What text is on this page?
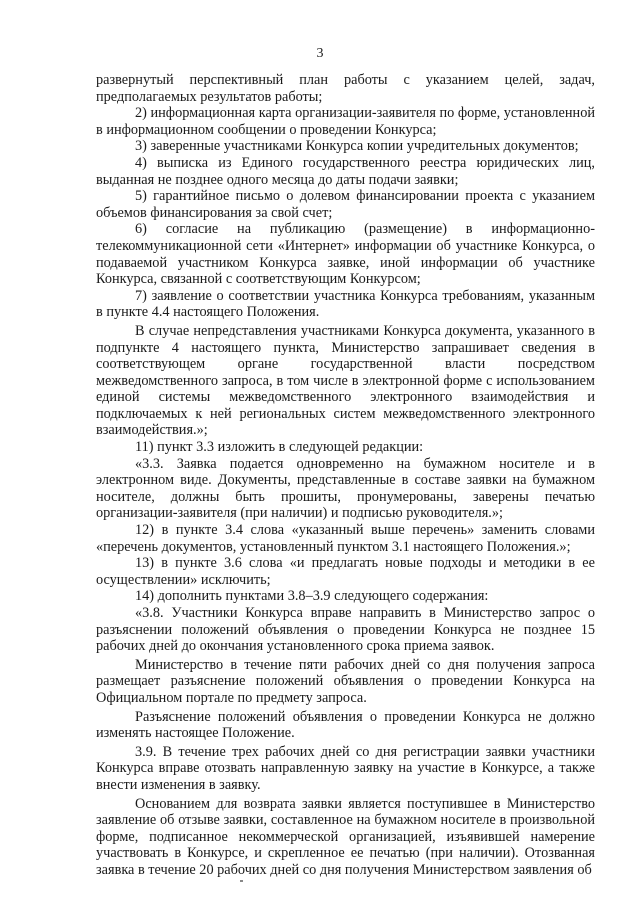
3

развернутый перспективный план работы с указанием целей, задач, предполагаемых результатов работы;

2) информационная карта организации-заявителя по форме, установленной в информационном сообщении о проведении Конкурса;

3) заверенные участниками Конкурса копии учредительных документов;

4) выписка из Единого государственного реестра юридических лиц, выданная не позднее одного месяца до даты подачи заявки;

5) гарантийное письмо о долевом финансировании проекта с указанием объемов финансирования за свой счет;

6) согласие на публикацию (размещение) в информационно-телекоммуникационной сети «Интернет» информации об участнике Конкурса, о подаваемой участником Конкурса заявке, иной информации об участнике Конкурса, связанной с соответствующим Конкурсом;

7) заявление о соответствии участника Конкурса требованиям, указанным в пункте 4.4 настоящего Положения.

В случае непредставления участниками Конкурса документа, указанного в подпункте 4 настоящего пункта, Министерство запрашивает сведения в соответствующем органе государственной власти посредством межведомственного запроса, в том числе в электронной форме с использованием единой системы межведомственного электронного взаимодействия и подключаемых к ней региональных систем межведомственного электронного взаимодействия.»;

11) пункт 3.3 изложить в следующей редакции:

«3.3. Заявка подается одновременно на бумажном носителе и в электронном виде. Документы, представленные в составе заявки на бумажном носителе, должны быть прошиты, пронумерованы, заверены печатью организации-заявителя (при наличии) и подписью руководителя.»;

12) в пункте 3.4 слова «указанный выше перечень» заменить словами «перечень документов, установленный пунктом 3.1 настоящего Положения.»;

13) в пункте 3.6 слова «и предлагать новые подходы и методики в ее осуществлении» исключить;

14) дополнить пунктами 3.8–3.9 следующего содержания:

«3.8. Участники Конкурса вправе направить в Министерство запрос о разъяснении положений объявления о проведении Конкурса не позднее 15 рабочих дней до окончания установленного срока приема заявок.

Министерство в течение пяти рабочих дней со дня получения запроса размещает разъяснение положений объявления о проведении Конкурса на Официальном портале по предмету запроса.

Разъяснение положений объявления о проведении Конкурса не должно изменять настоящее Положение.

3.9. В течение трех рабочих дней со дня регистрации заявки участники Конкурса вправе отозвать направленную заявку на участие в Конкурсе, а также внести изменения в заявку.

Основанием для возврата заявки является поступившее в Министерство заявление об отзыве заявки, составленное на бумажном носителе в произвольной форме, подписанное некоммерческой организацией, изъявившей намерение участвовать в Конкурсе, и скрепленное ее печатью (при наличии). Отозванная заявка в течение 20 рабочих дней со дня получения Министерством заявления об
